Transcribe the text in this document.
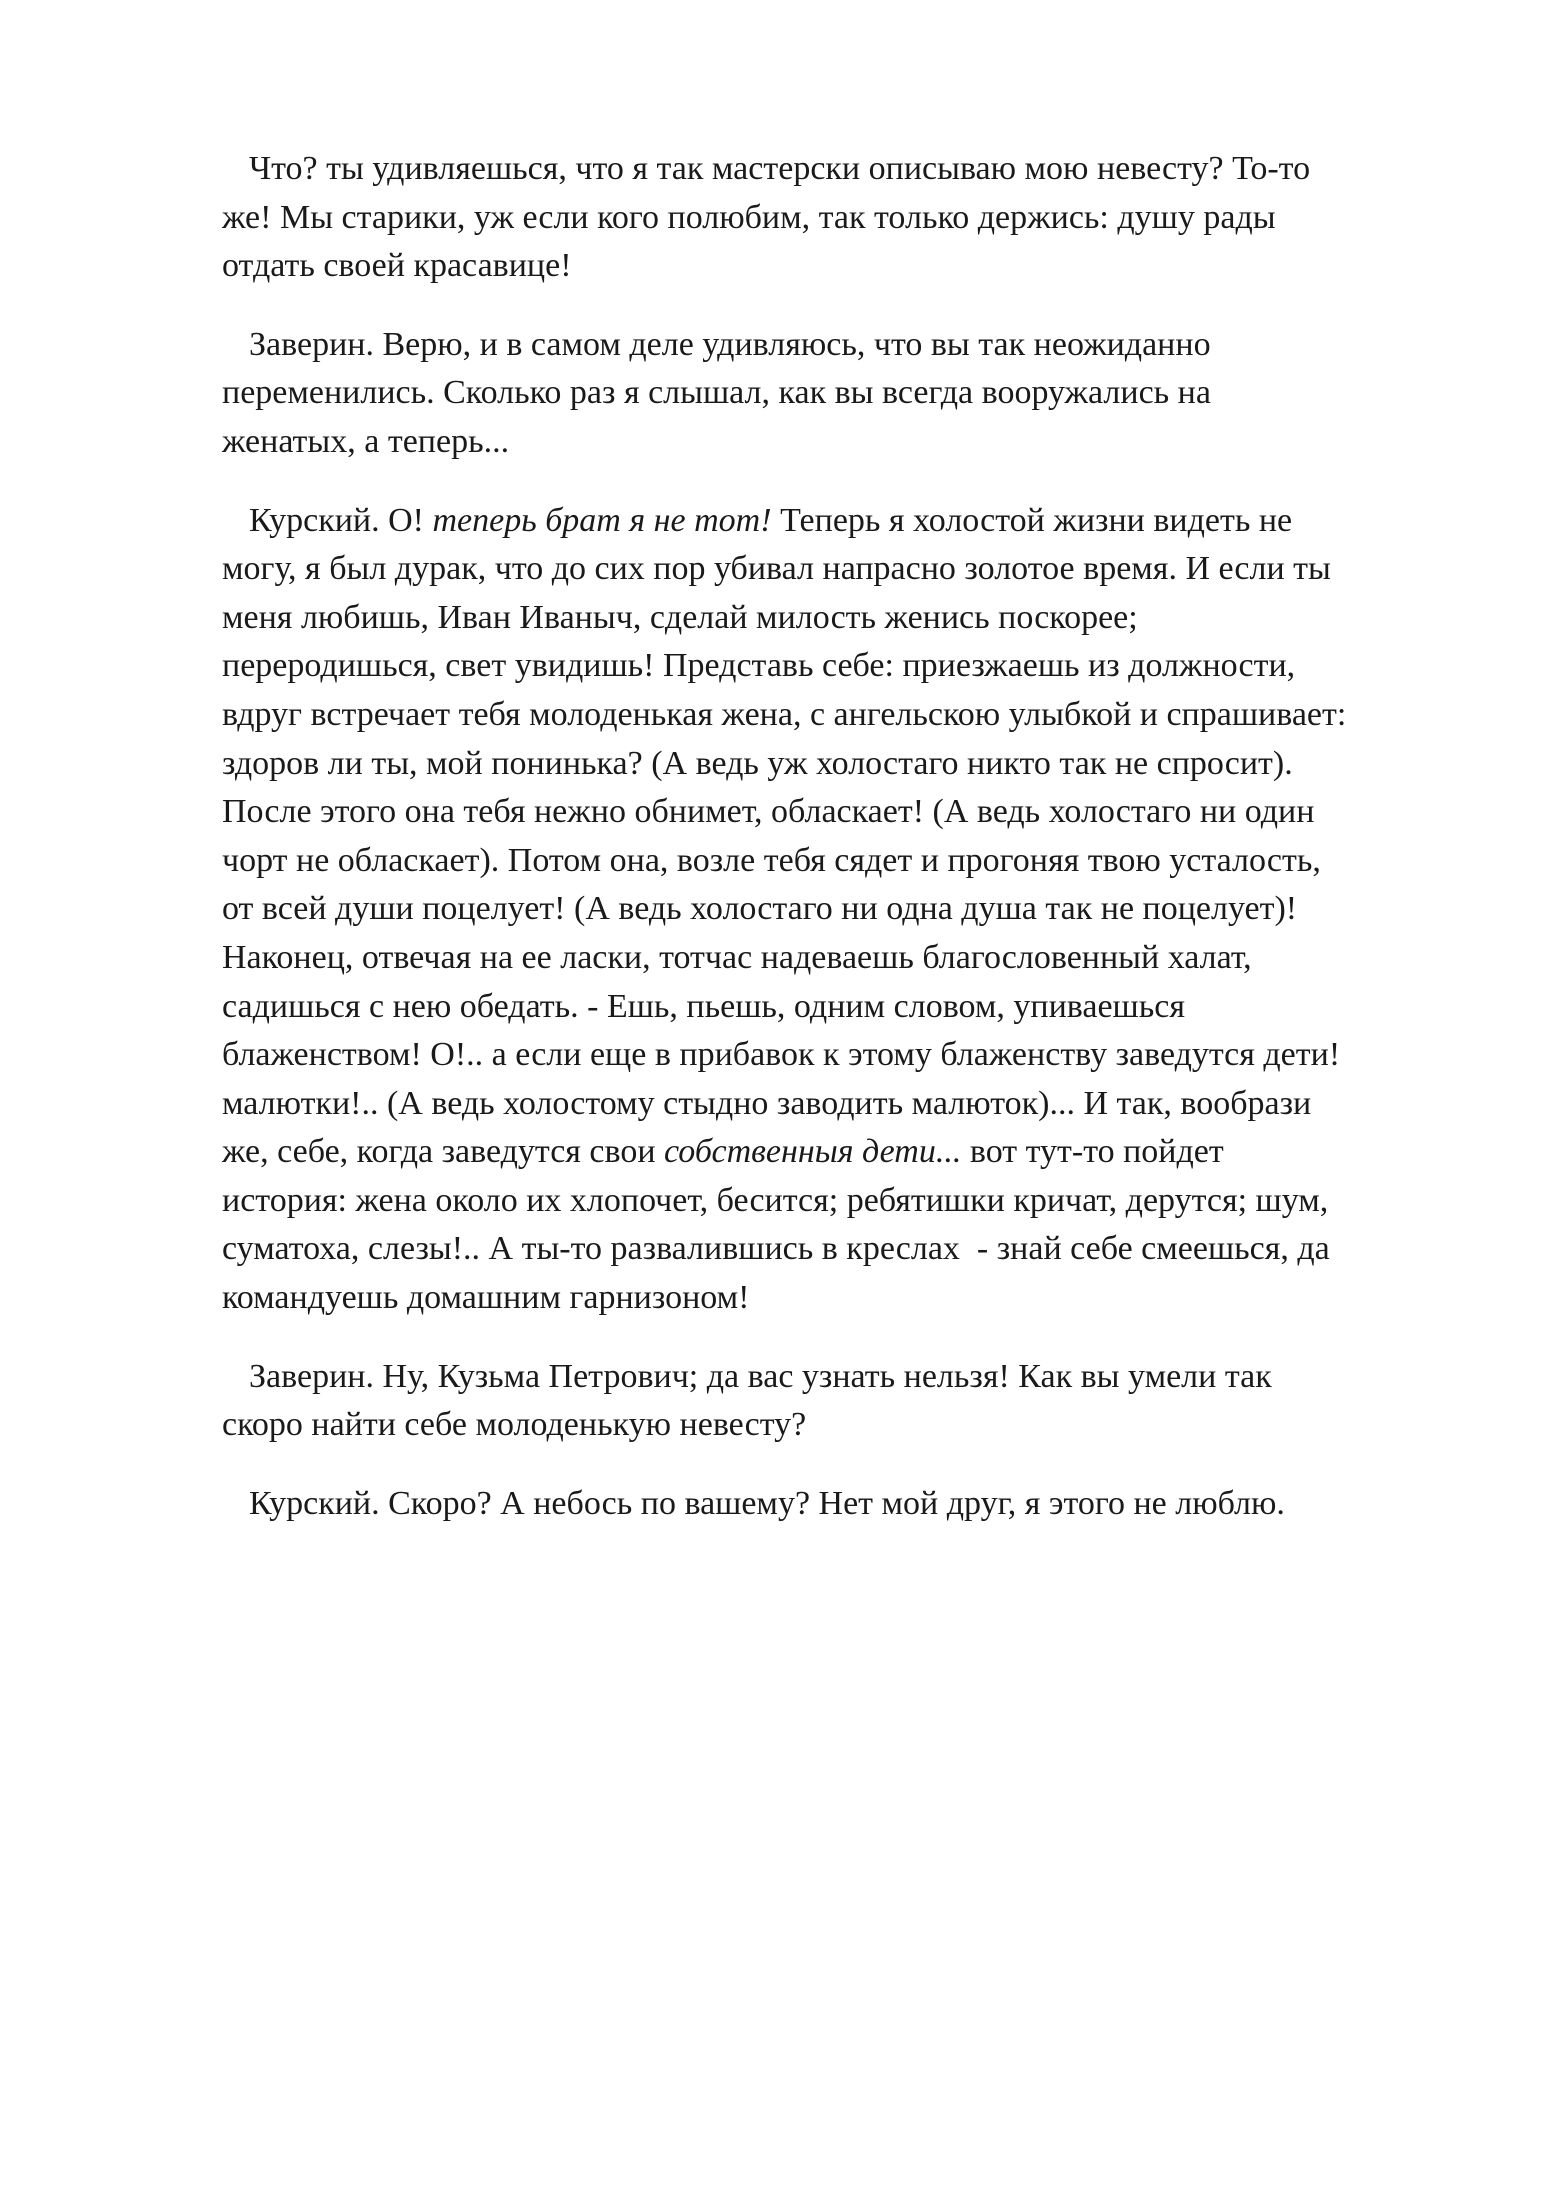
Что? ты удивляешься, что я так мастерски описываю мою невесту? То-то
же! Мы старики, уж если кого полюбим, так только держись: душу рады
отдать своей красавице!
Заверин. Верю, и в самом деле удивляюсь, что вы так неожиданно
переменились. Сколько раз я слышал, как вы всегда вооружались на
женатых, а теперь...
Курский. О! теперь брат я не тот! Теперь я холостой жизни видеть не
могу, я был дурак, что до сих пор убивал напрасно золотое время. И если ты
меня любишь, Иван Иваныч, сделай милость женись поскорее;
переродишься, свет увидишь! Представь себе: приезжаешь из должности,
вдруг встречает тебя молоденькая жена, с ангельскою улыбкой и спрашивает:
здоров ли ты, мой понинька? (А ведь уж холостаго никто так не спросит).
После этого она тебя нежно обнимет, обласкает! (А ведь холостаго ни один
чорт не обласкает). Потом она, возле тебя сядет и прогоняя твою усталость,
от всей души поцелует! (А ведь холостаго ни одна душа так не поцелует)!
Наконец, отвечая на ее ласки, тотчас надеваешь благословенный халат,
садишься с нею обедать. - Ешь, пьешь, одним словом, упиваешься
блаженством! О!.. а если еще в прибавок к этому блаженству заведутся дети!
малютки!.. (А ведь холостому стыдно заводить малюток)... И так, вообрази
же, себе, когда заведутся свои собственныя дети... вот тут-то пойдет
история: жена около их хлопочет, бесится; ребятишки кричат, дерутся; шум,
суматоха, слезы!.. А ты-то развалившись в креслах  - знай себе смеешься, да
командуешь домашним гарнизоном!
Заверин. Ну, Кузьма Петрович; да вас узнать нельзя! Как вы умели так
скоро найти себе молоденькую невесту?
Курский. Скоро? А небось по вашему? Нет мой друг, я этого не люблю.
